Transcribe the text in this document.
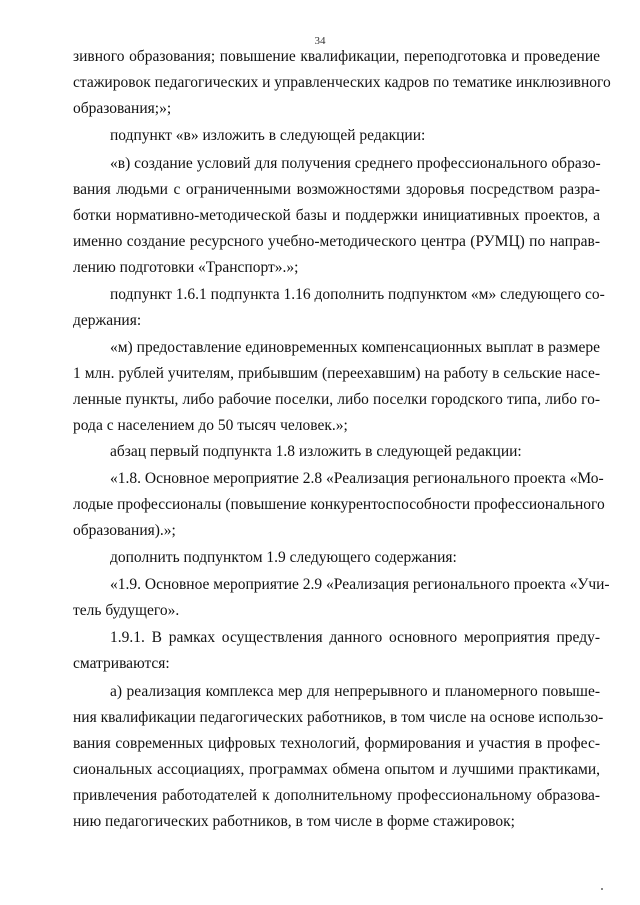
34
зивного образования; повышение квалификации, переподготовка и проведение
стажировок педагогических и управленческих кадров по тематике инклюзивного
образования;»;
подпункт «в» изложить в следующей редакции:
«в) создание условий для получения среднего профессионального образо-
вания людьми с ограниченными возможностями здоровья посредством разра-
ботки нормативно-методической базы и поддержки инициативных проектов, а
именно создание ресурсного учебно-методического центра (РУМЦ) по направ-
лению подготовки «Транспорт».»;
подпункт 1.6.1 подпункта 1.16 дополнить подпунктом «м» следующего со-
держания:
«м) предоставление единовременных компенсационных выплат в размере
1 млн. рублей учителям, прибывшим (переехавшим) на работу в сельские насе-
ленные пункты, либо рабочие поселки, либо поселки городского типа, либо го-
рода с населением до 50 тысяч человек.»;
абзац первый подпункта 1.8 изложить в следующей редакции:
«1.8. Основное мероприятие 2.8 «Реализация регионального проекта «Мо-
лодые профессионалы (повышение конкурентоспособности профессионального
образования).»;
дополнить подпунктом 1.9 следующего содержания:
«1.9. Основное мероприятие 2.9 «Реализация регионального проекта «Учи-
тель будущего».
1.9.1. В рамках осуществления данного основного мероприятия преду-
сматриваются:
а) реализация комплекса мер для непрерывного и планомерного повыше-
ния квалификации педагогических работников, в том числе на основе использо-
вания современных цифровых технологий, формирования и участия в профес-
сиональных ассоциациях, программах обмена опытом и лучшими практиками,
привлечения работодателей к дополнительному профессиональному образова-
нию педагогических работников, в том числе в форме стажировок;
